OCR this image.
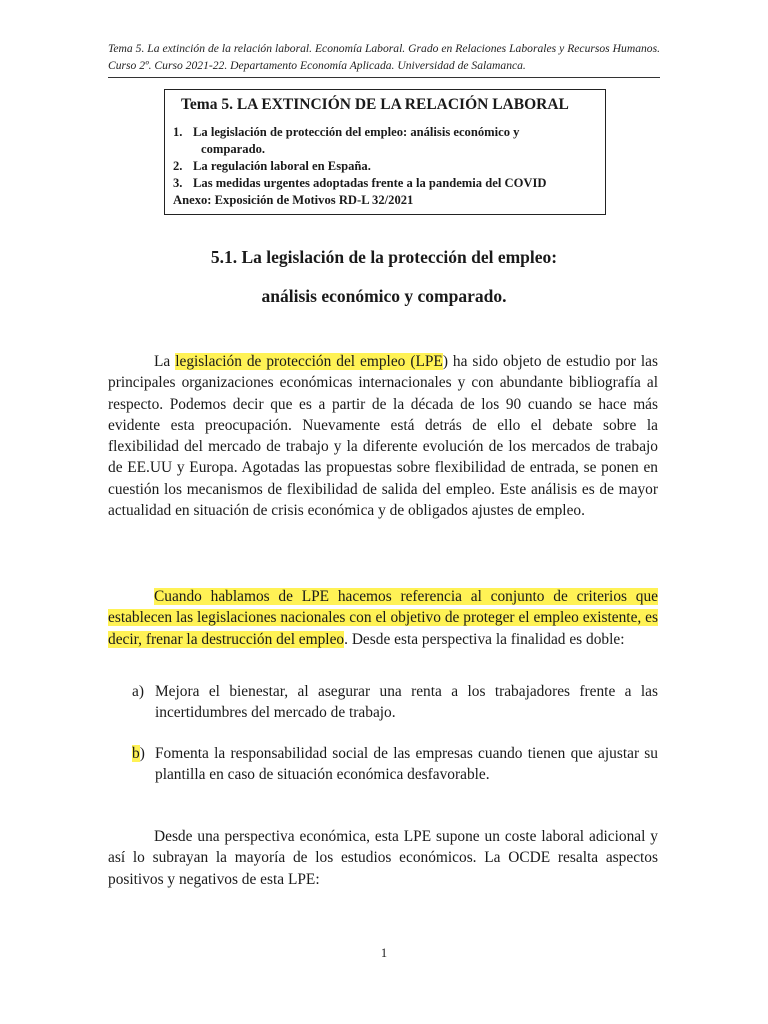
Tema 5. La extinción de la relación laboral. Economía Laboral. Grado en Relaciones Laborales y Recursos Humanos. Curso 2º. Curso 2021-22. Departamento Economía Aplicada. Universidad de Salamanca.
Tema 5. LA EXTINCIÓN DE LA RELACIÓN LABORAL
1. La legislación de protección del empleo: análisis económico y
comparado.
2. La regulación laboral en España.
3. Las medidas urgentes adoptadas frente a la pandemia del COVID
Anexo: Exposición de Motivos RD-L 32/2021
5.1. La legislación de la protección del empleo:
análisis económico y comparado.

La legislación de protección del empleo (LPE) ha sido objeto de estudio por las principales organizaciones económicas internacionales y con abundante bibliografía al respecto. Podemos decir que es a partir de la década de los 90 cuando se hace más evidente esta preocupación. Nuevamente está detrás de ello el debate sobre la flexibilidad del mercado de trabajo y la diferente evolución de los mercados de trabajo de EE.UU y Europa. Agotadas las propuestas sobre flexibilidad de entrada, se ponen en cuestión los mecanismos de flexibilidad de salida del empleo. Este análisis es de mayor actualidad en situación de crisis económica y de obligados ajustes de empleo.

Cuando hablamos de LPE hacemos referencia al conjunto de criterios que establecen las legislaciones nacionales con el objetivo de proteger el empleo existente, es decir, frenar la destrucción del empleo. Desde esta perspectiva la finalidad es doble:

a) Mejora el bienestar, al asegurar una renta a los trabajadores frente a las incertidumbres del mercado de trabajo.
b) Fomenta la responsabilidad social de las empresas cuando tienen que ajustar su plantilla en caso de situación económica desfavorable.

Desde una perspectiva económica, esta LPE supone un coste laboral adicional y así lo subrayan la mayoría de los estudios económicos. La OCDE resalta aspectos positivos y negativos de esta LPE:

1
